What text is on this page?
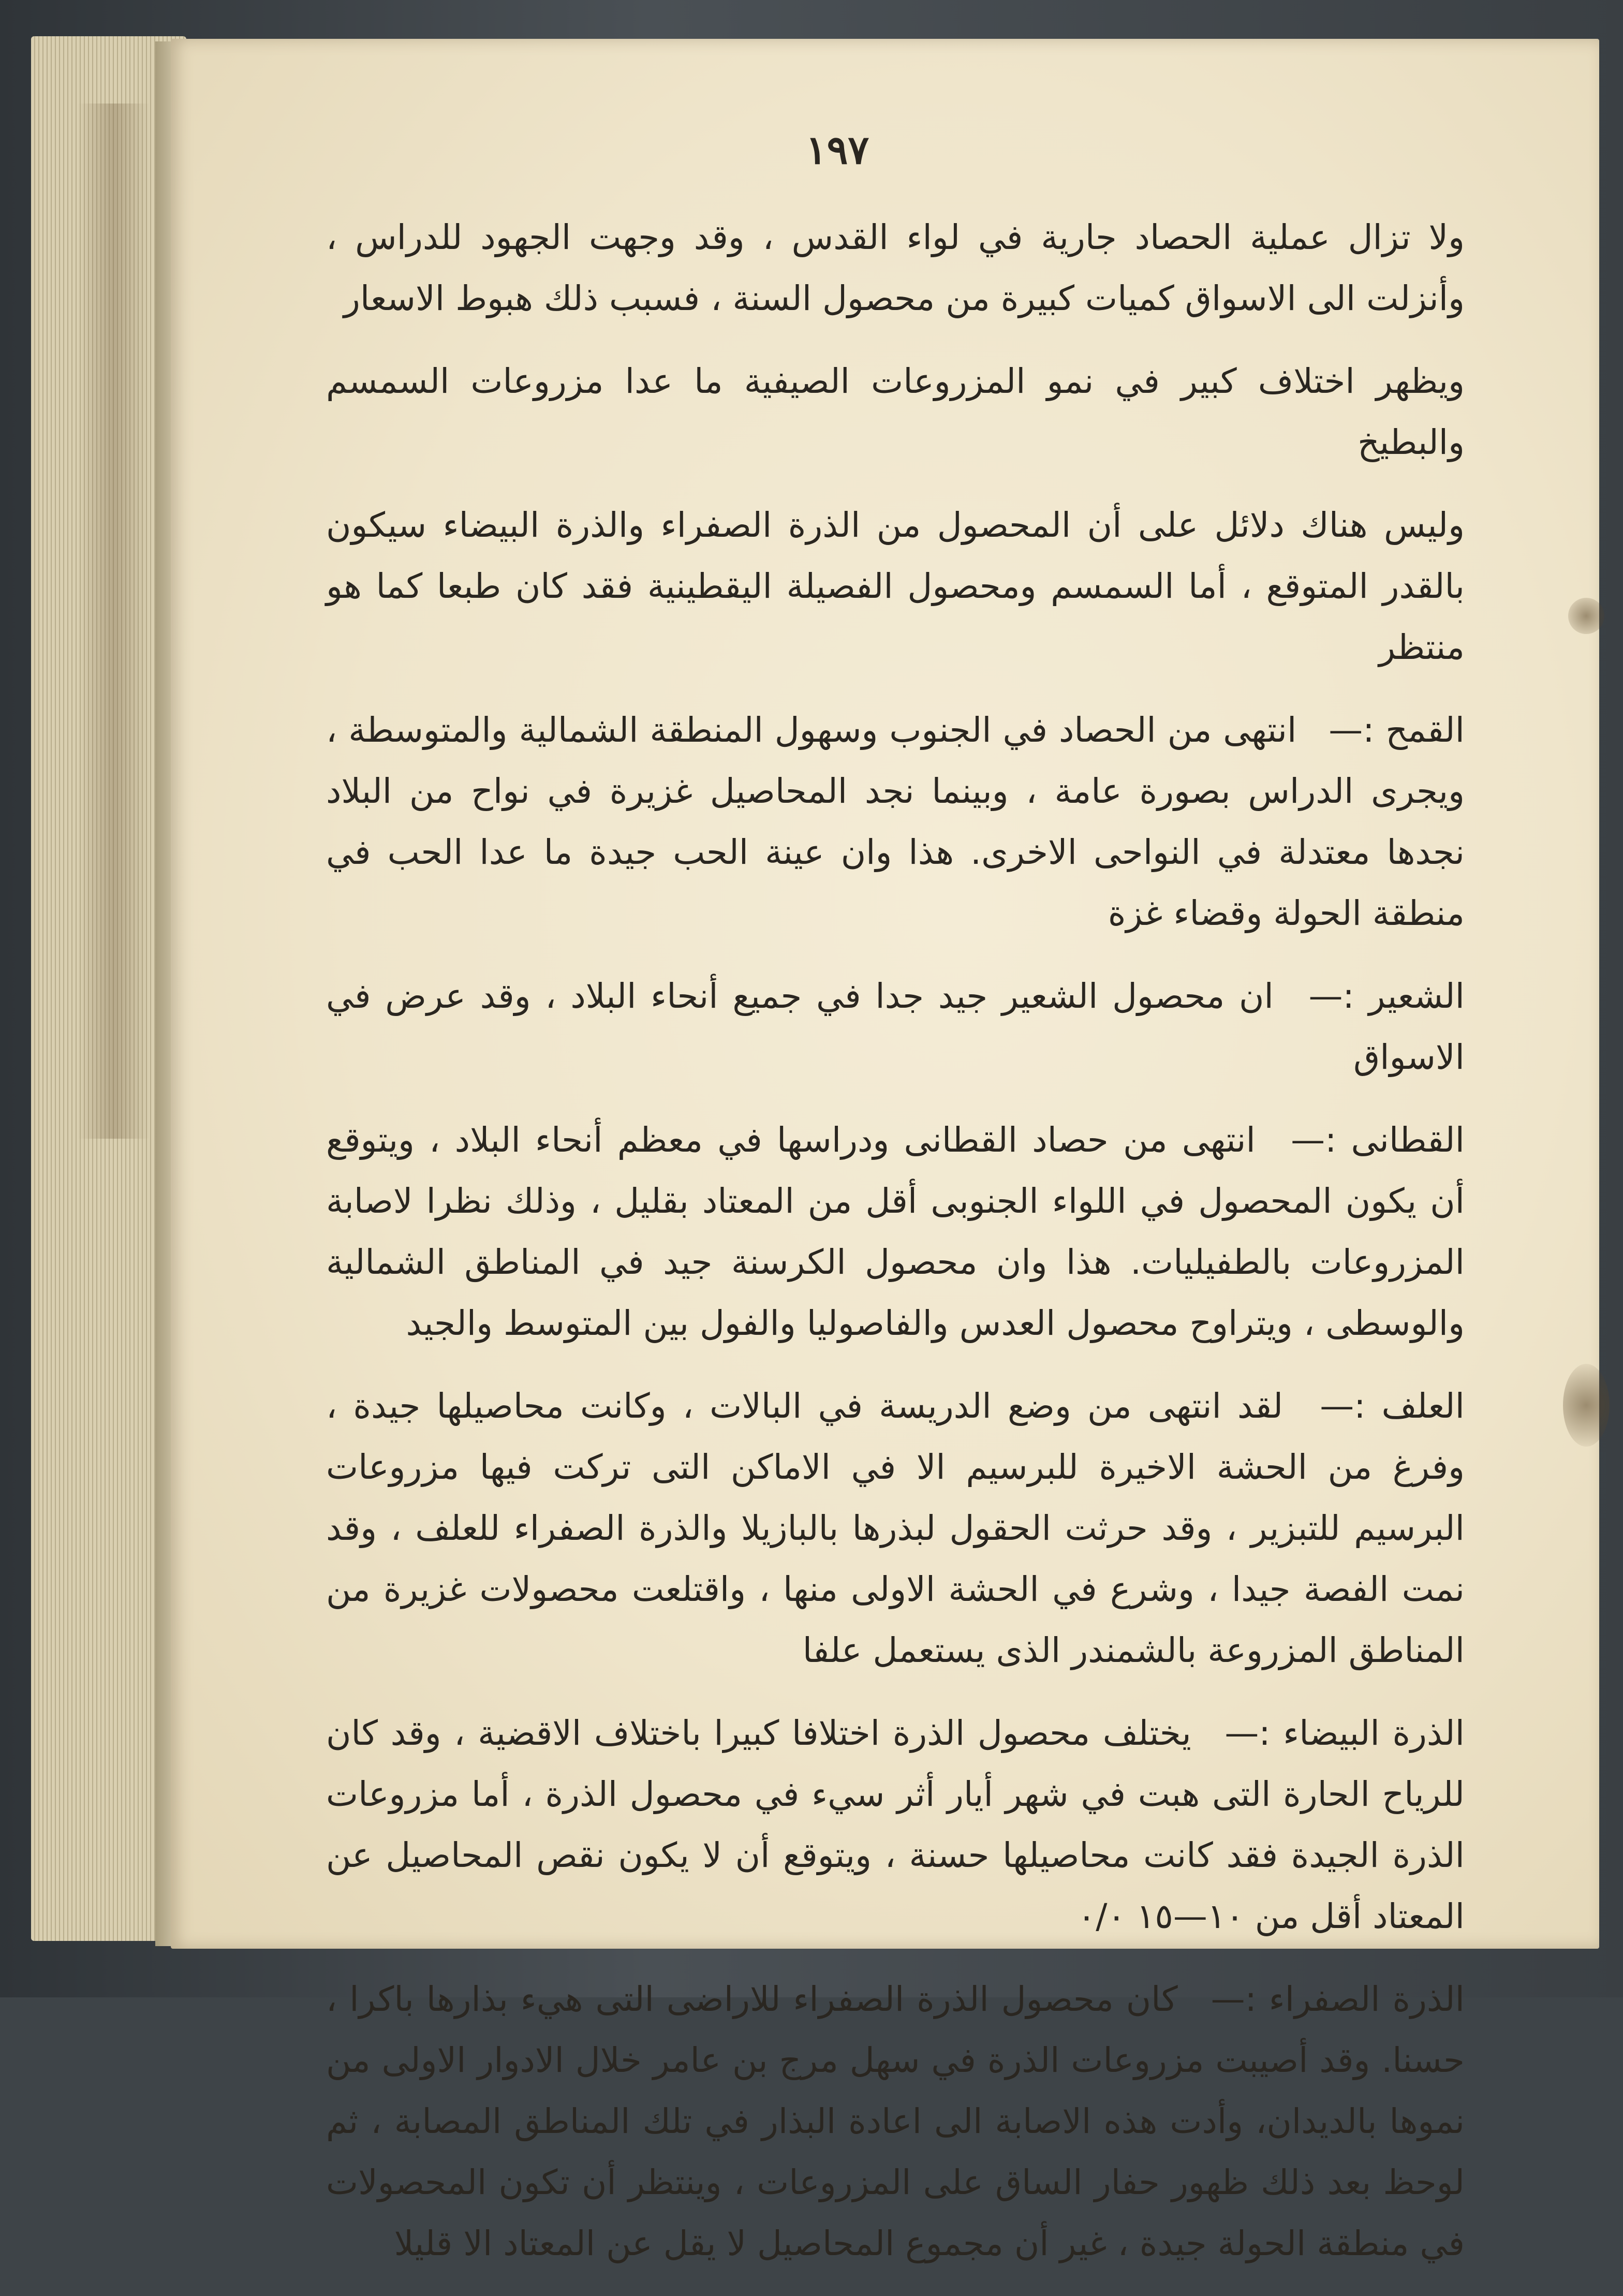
١٩٧

ولا تزال عملية الحصاد جارية في لواء القدس ، وقد وجهت الجهود للدراس ، وأنزلت الى الاسواق كميات كبيرة من محصول السنة ، فسبب ذلك هبوط الاسعار

ويظهر اختلاف كبير في نمو المزروعات الصيفية ما عدا مزروعات السمسم والبطيخ

وليس هناك دلائل على أن المحصول من الذرة الصفراء والذرة البيضاء سيكون بالقدر المتوقع ، أما السمسم ومحصول الفصيلة اليقطينية فقد كان طبعا كما هو منتظر

القمح :— انتهى من الحصاد في الجنوب وسهول المنطقة الشمالية والمتوسطة ، ويجرى الدراس بصورة عامة ، وبينما نجد المحاصيل غزيرة في نواح من البلاد نجدها معتدلة في النواحى الاخرى. هذا وان عينة الحب جيدة ما عدا الحب في منطقة الحولة وقضاء غزة

الشعير :— ان محصول الشعير جيد جدا في جميع أنحاء البلاد ، وقد عرض في الاسواق

القطانى :— انتهى من حصاد القطانى ودراسها في معظم أنحاء البلاد ، ويتوقع أن يكون المحصول في اللواء الجنوبى أقل من المعتاد بقليل ، وذلك نظرا لاصابة المزروعات بالطفيليات. هذا وان محصول الكرسنة جيد في المناطق الشمالية والوسطى ، ويتراوح محصول العدس والفاصوليا والفول بين المتوسط والجيد

العلف :— لقد انتهى من وضع الدريسة في البالات ، وكانت محاصيلها جيدة ، وفرغ من الحشة الاخيرة للبرسيم الا في الاماكن التى تركت فيها مزروعات البرسيم للتبزير ، وقد حرثت الحقول لبذرها بالبازيلا والذرة الصفراء للعلف ، وقد نمت الفصة جيدا ، وشرع في الحشة الاولى منها ، واقتلعت محصولات غزيرة من المناطق المزروعة بالشمندر الذى يستعمل علفا

الذرة البيضاء :— يختلف محصول الذرة اختلافا كبيرا باختلاف الاقضية ، وقد كان للرياح الحارة التى هبت في شهر أيار أثر سيء في محصول الذرة ، أما مزروعات الذرة الجيدة فقد كانت محاصيلها حسنة ، ويتوقع أن لا يكون نقص المحاصيل عن المعتاد أقل من ١٠—١٥ ٠/٠

الذرة الصفراء :— كان محصول الذرة الصفراء للاراضى التى هيء بذارها باكرا ، حسنا. وقد أصيبت مزروعات الذرة في سهل مرج بن عامر خلال الادوار الاولى من نموها بالديدان، وأدت هذه الاصابة الى اعادة البذار في تلك المناطق المصابة ، ثم لوحظ بعد ذلك ظهور حفار الساق على المزروعات ، وينتظر أن تكون المحصولات في منطقة الحولة جيدة ، غير أن مجموع المحاصيل لا يقل عن المعتاد الا قليلا
